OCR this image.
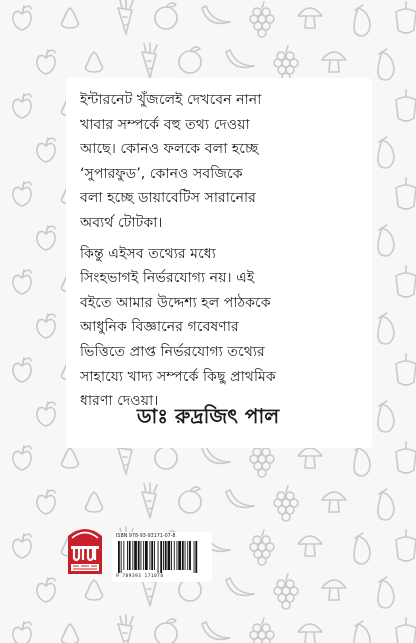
ইন্টারনেট খুঁজলেই দেখবেন নানা
খাবার সম্পর্কে বহু তথ্য দেওয়া
আছে। কোনও ফলকে বলা হচ্ছে
‘সুপারফুড’, কোনও সবজিকে
বলা হচ্ছে ডায়াবেটিস সারানোর
অব্যর্থ টোটকা।

কিন্তু এইসব তথ্যের মধ্যে
সিংহভাগই নির্ভরযোগ্য নয়। এই
বইতে আমার উদ্দেশ্য হল পাঠককে
আধুনিক বিজ্ঞানের গবেষণার
ভিত্তিতে প্রাপ্ত নির্ভরযোগ্য তথ্যের
সাহায্যে খাদ্য সম্পর্কে কিছু প্রাথমিক
ধারণা দেওয়া।

ডাঃ রুদ্রজিৎ পাল
ISBN 978-93-93171-07-8
9 789393 171078
